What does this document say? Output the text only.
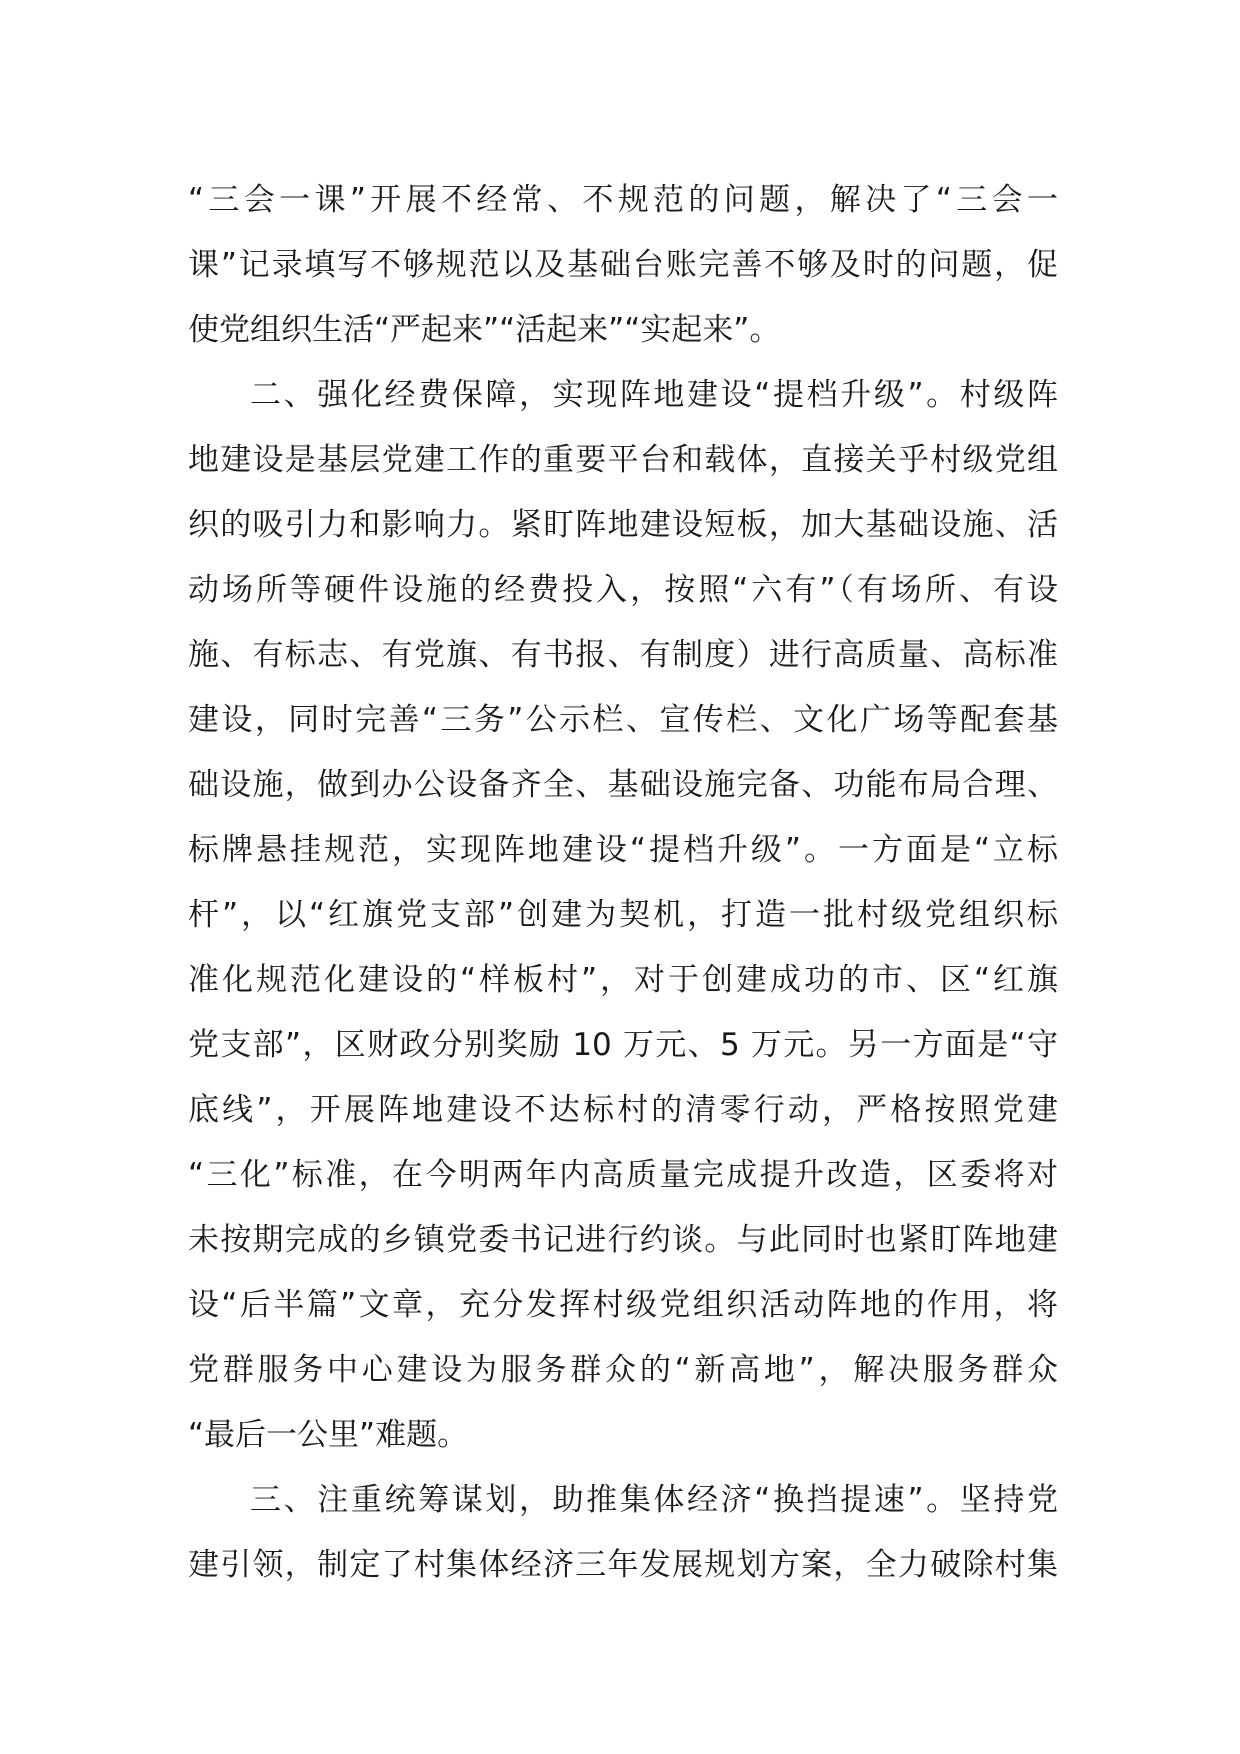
“三会一课”开展不经常、不规范的问题，解决了“三会一
课”记录填写不够规范以及基础台账完善不够及时的问题，促
使党组织生活“严起来”“活起来”“实起来”。
二、强化经费保障，实现阵地建设“提档升级”。村级阵
地建设是基层党建工作的重要平台和载体，直接关乎村级党组
织的吸引力和影响力。紧盯阵地建设短板，加大基础设施、活
动场所等硬件设施的经费投入，按照“六有”（有场所、有设
施、有标志、有党旗、有书报、有制度）进行高质量、高标准
建设，同时完善“三务”公示栏、宣传栏、文化广场等配套基
础设施，做到办公设备齐全、基础设施完备、功能布局合理、
标牌悬挂规范，实现阵地建设“提档升级”。一方面是“立标
杆”，以“红旗党支部”创建为契机，打造一批村级党组织标
准化规范化建设的“样板村”，对于创建成功的市、区“红旗
党支部”，区财政分别奖励 10 万元、5 万元。另一方面是“守
底线”，开展阵地建设不达标村的清零行动，严格按照党建
“三化”标准，在今明两年内高质量完成提升改造，区委将对
未按期完成的乡镇党委书记进行约谈。与此同时也紧盯阵地建
设“后半篇”文章，充分发挥村级党组织活动阵地的作用，将
党群服务中心建设为服务群众的“新高地”，解决服务群众
“最后一公里”难题。
三、注重统筹谋划，助推集体经济“换挡提速”。坚持党
建引领，制定了村集体经济三年发展规划方案，全力破除村集
